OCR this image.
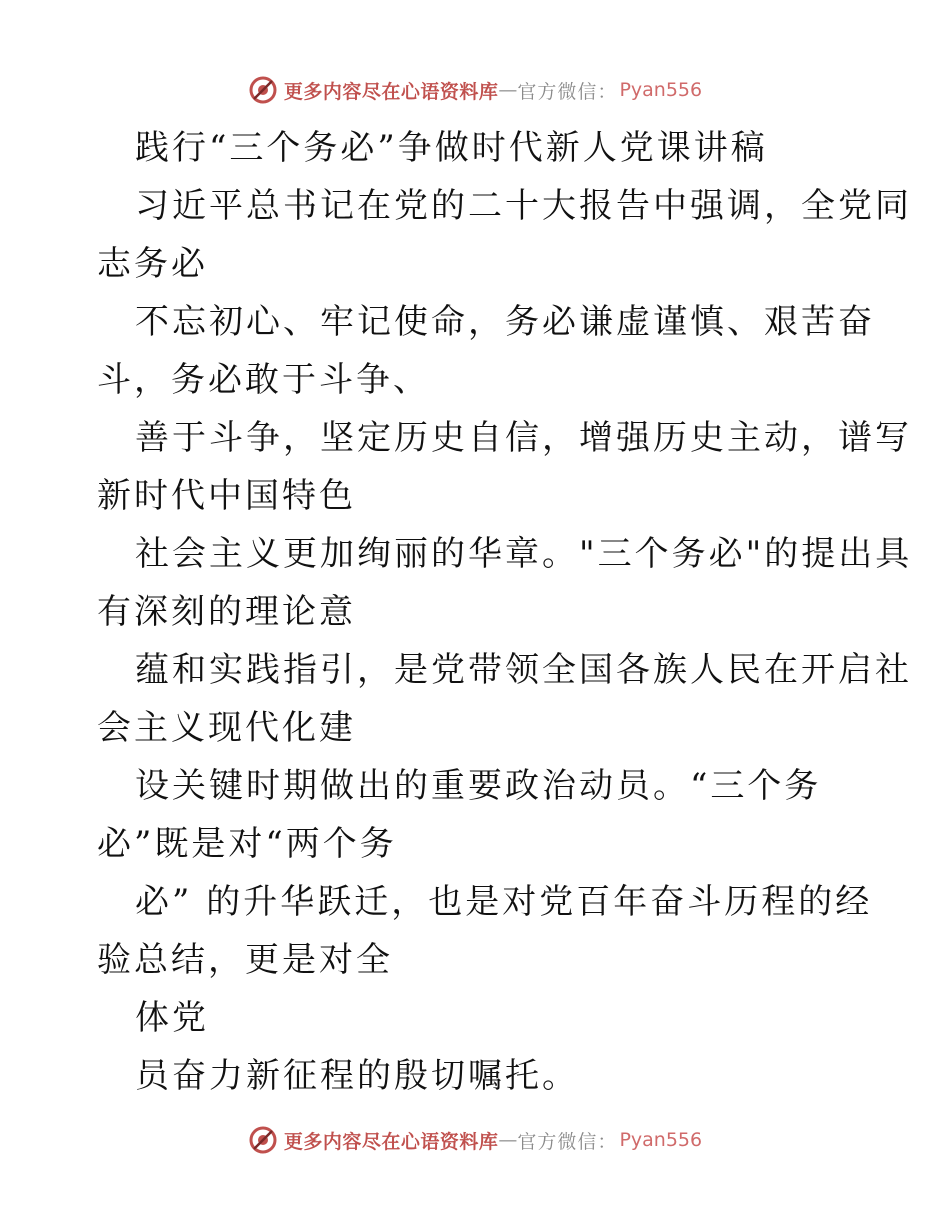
更多内容尽在心语资料库 — 官方微信： Pyan556
践行“三个务必”争做时代新人党课讲稿
习近平总书记在党的二十大报告中强调，全党同
志务必
不忘初心、牢记使命，务必谦虚谨慎、艰苦奋
斗，务必敢于斗争、
善于斗争，坚定历史自信，增强历史主动，谱写
新时代中国特色
社会主义更加绚丽的华章。"三个务必"的提出具
有深刻的理论意
蕴和实践指引，是党带领全国各族人民在开启社
会主义现代化建
设关键时期做出的重要政治动员。“三个务
必”既是对“两个务
必” 的升华跃迁，也是对党百年奋斗历程的经
验总结，更是对全
体党
员奋力新征程的殷切嘱托。
更多内容尽在心语资料库 — 官方微信： Pyan556
